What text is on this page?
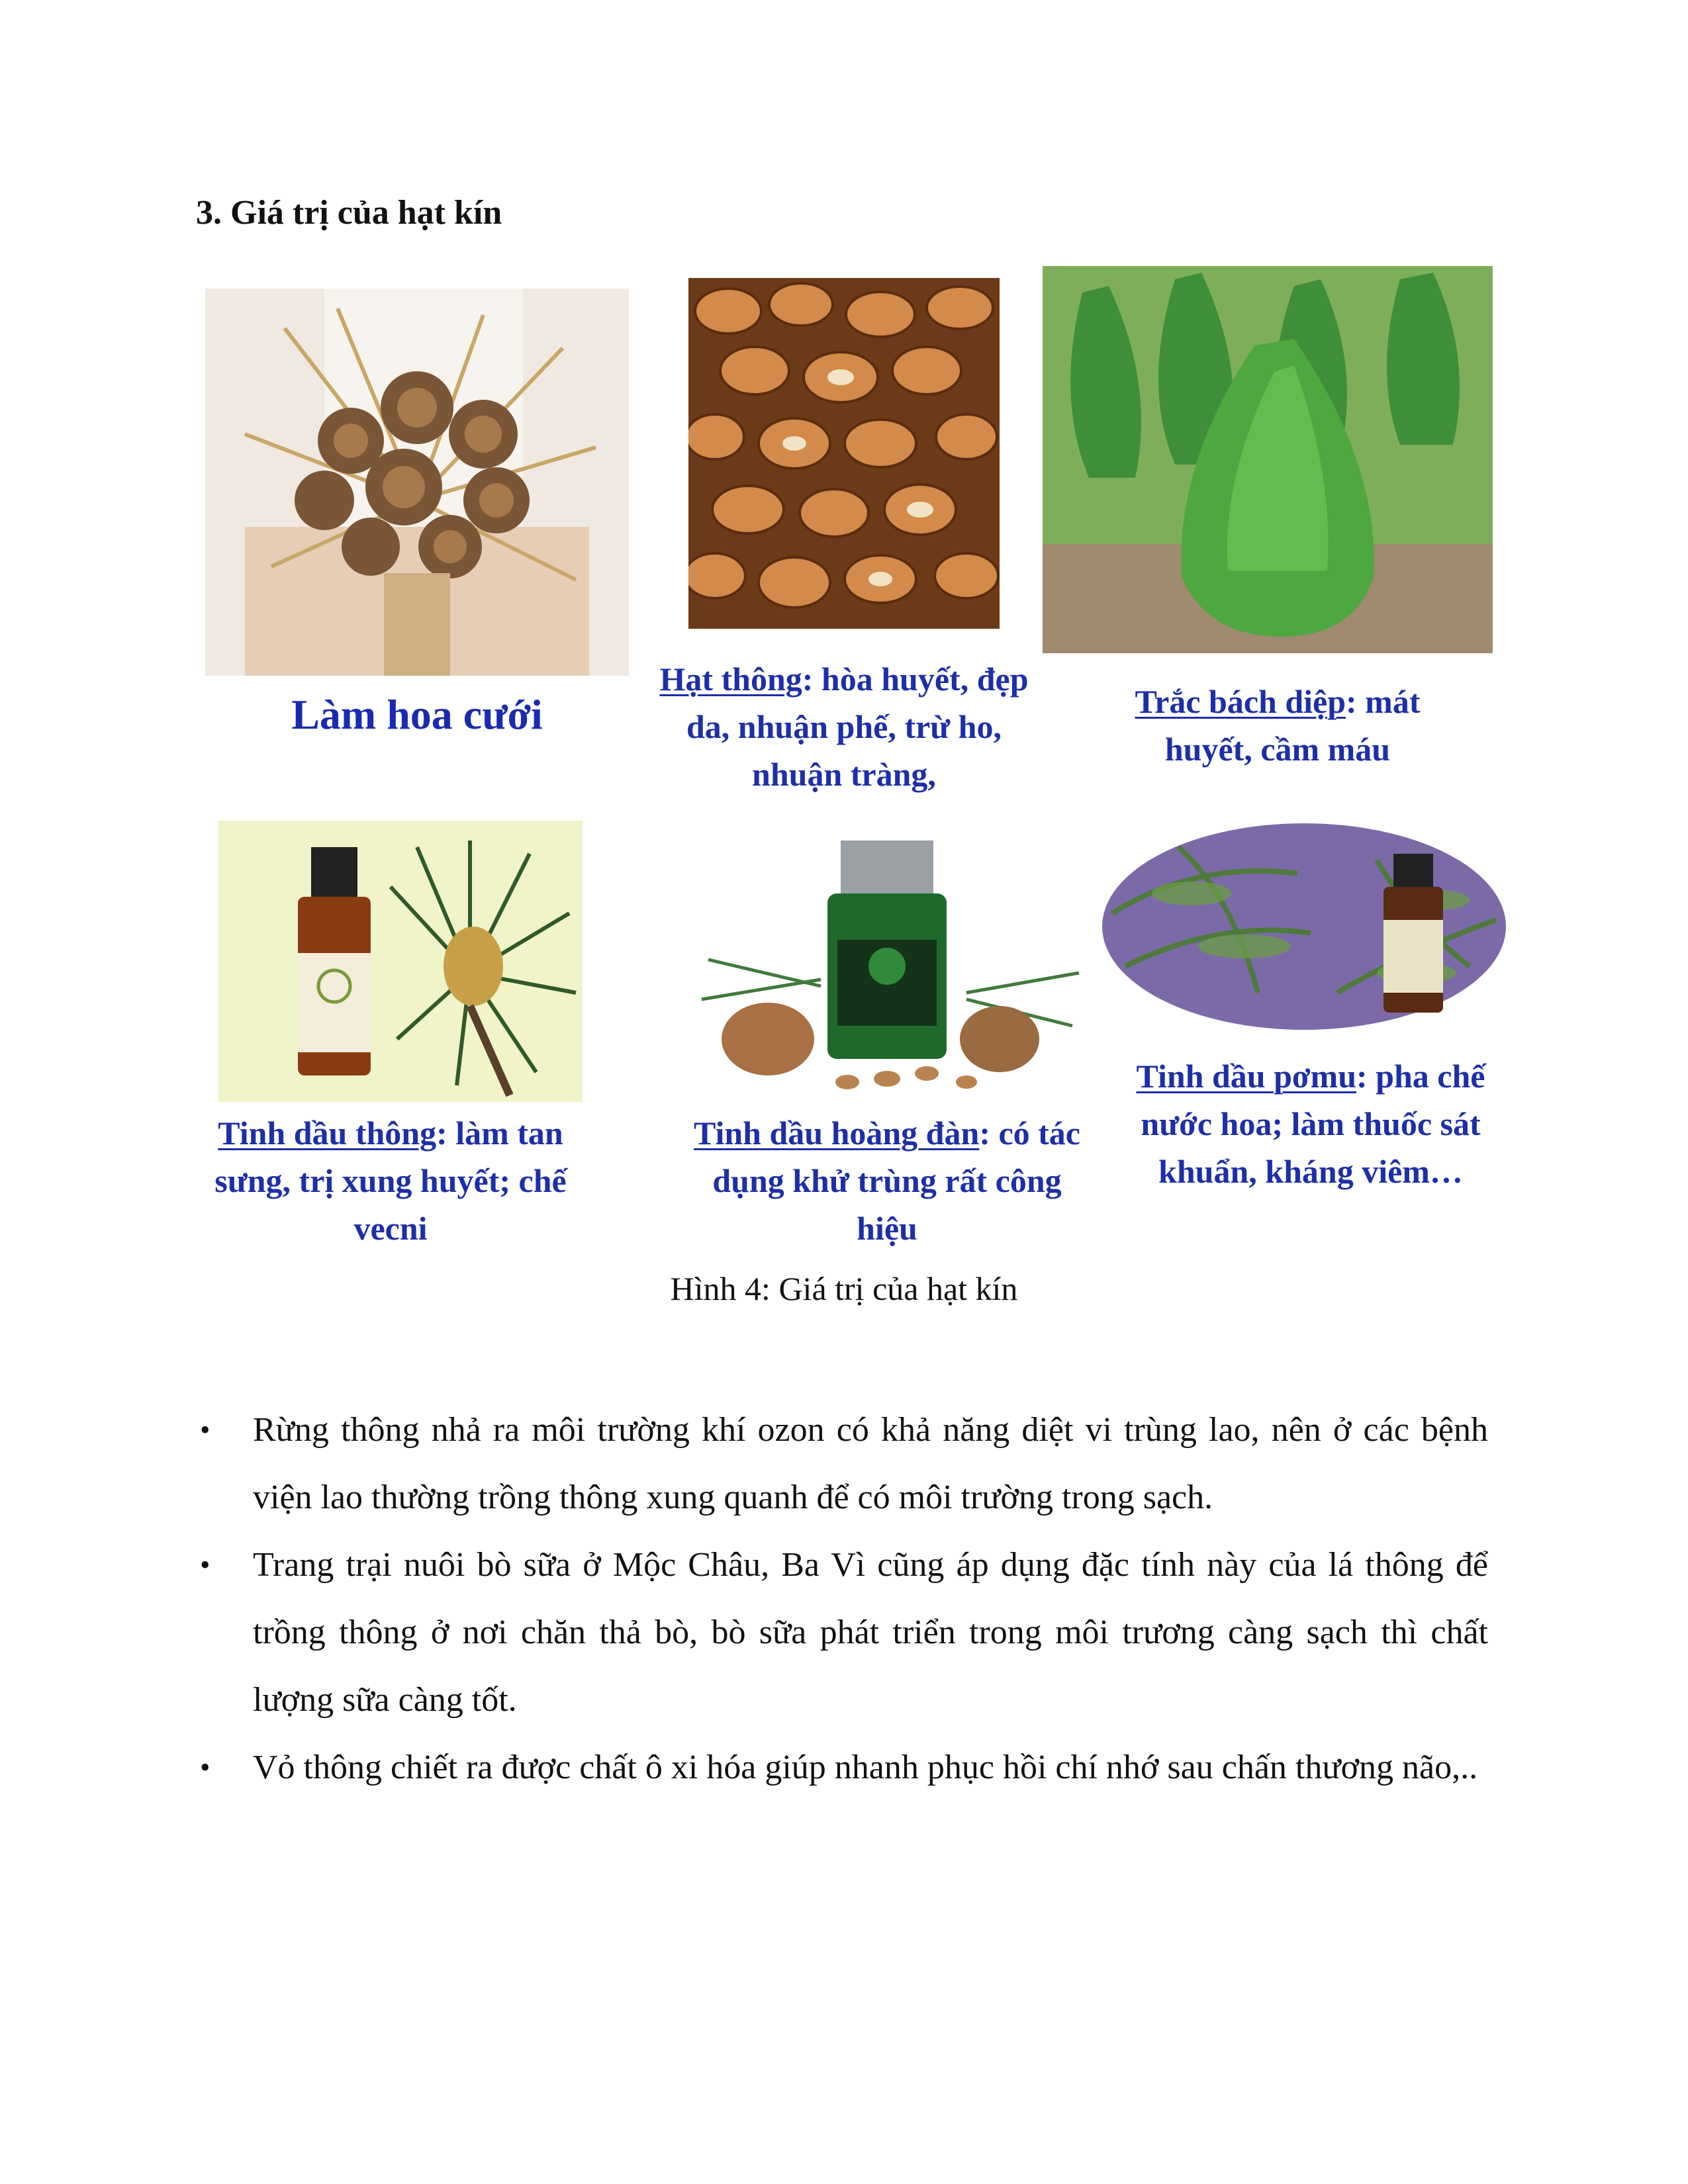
3. Giá trị của hạt kín
Làm hoa cưới
Hạt thông: hòa huyết, đẹp da, nhuận phế, trừ ho, nhuận tràng,
Trắc bách diệp: mát huyết, cầm máu
Tinh dầu thông: làm tan sưng, trị xung huyết; chế vecni
Tinh dầu hoàng đàn: có tác dụng khử trùng rất công hiệu
Tinh dầu pơmu: pha chế nước hoa; làm thuốc sát khuẩn, kháng viêm…

Hình 4: Giá trị của hạt kín

• Rừng thông nhả ra môi trường khí ozon có khả năng diệt vi trùng lao, nên ở các bệnh viện lao thường trồng thông xung quanh để có môi trường trong sạch.
• Trang trại nuôi bò sữa ở Mộc Châu, Ba Vì cũng áp dụng đặc tính này của lá thông để trồng thông ở nơi chăn thả bò, bò sữa phát triển trong môi trương càng sạch thì chất lượng sữa càng tốt.
• Vỏ thông chiết ra được chất ô xi hóa giúp nhanh phục hồi chí nhớ sau chấn thương não,..
